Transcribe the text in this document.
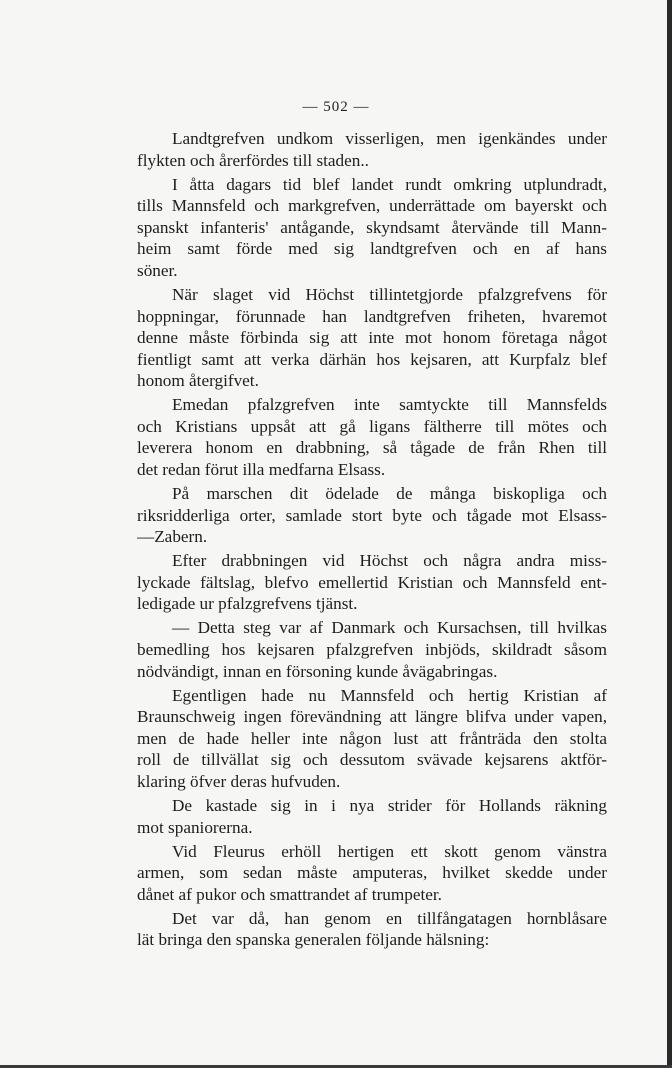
— 502 —
Landtgrefven undkom visserligen, men igenkändes under
flykten och årerfördes till staden..
I åtta dagars tid blef landet rundt omkring utplundradt,
tills Mannsfeld och markgrefven, underrättade om bayerskt och
spanskt infanteris' antågande, skyndsamt återvände till Mann-
heim samt förde med sig landtgrefven och en af hans
söner.
När slaget vid Höchst tillintetgjorde pfalzgrefvens för
hoppningar, förunnade han landtgrefven friheten, hvaremot
denne måste förbinda sig att inte mot honom företaga något
fientligt samt att verka därhän hos kejsaren, att Kurpfalz blef
honom återgifvet.
Emedan pfalzgrefven inte samtyckte till Mannsfelds
och Kristians uppsåt att gå ligans fältherre till mötes och
leverera honom en drabbning, så tågade de från Rhen till
det redan förut illa medfarna Elsass.
På marschen dit ödelade de många biskopliga och
riksridderliga orter, samlade stort byte och tågade mot Elsass-
—Zabern.
Efter drabbningen vid Höchst och några andra miss-
lyckade fältslag, blefvo emellertid Kristian och Mannsfeld ent-
ledigade ur pfalzgrefvens tjänst.
— Detta steg var af Danmark och Kursachsen, till hvilkas
bemedling hos kejsaren pfalzgrefven inbjöds, skildradt såsom
nödvändigt, innan en försoning kunde åvägabringas.
Egentligen hade nu Mannsfeld och hertig Kristian af
Braunschweig ingen förevändning att längre blifva under vapen,
men de hade heller inte någon lust att frånträda den stolta
roll de tillvällat sig och dessutom svävade kejsarens aktför-
klaring öfver deras hufvuden.
De kastade sig in i nya strider för Hollands räkning
mot spaniorerna.
Vid Fleurus erhöll hertigen ett skott genom vänstra
armen, som sedan måste amputeras, hvilket skedde under
dånet af pukor och smattrandet af trumpeter.
Det var då, han genom en tillfångatagen hornblåsare
lät bringa den spanska generalen följande hälsning:
